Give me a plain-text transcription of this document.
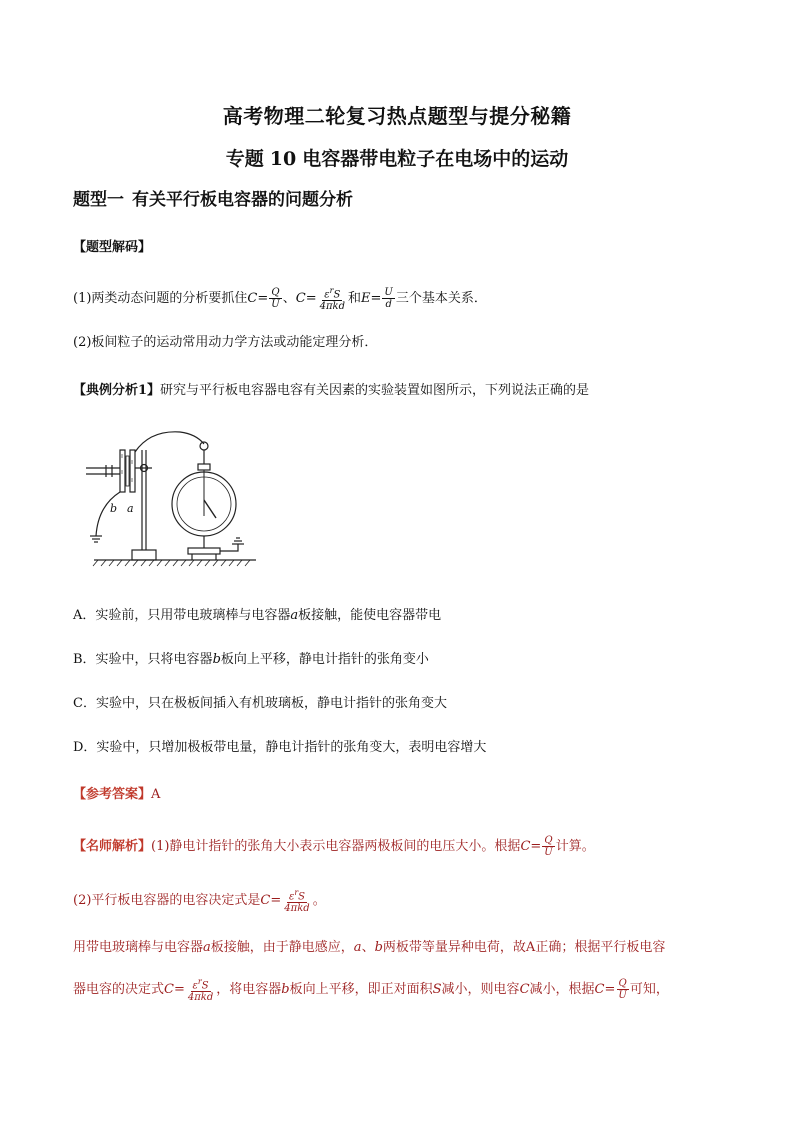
高考物理二轮复习热点题型与提分秘籍
专题 10 电容器带电粒子在电场中的运动
题型一 有关平行板电容器的问题分析
【题型解码】
(1)两类动态问题的分析要抓住$C= \frac{Q}{U}$ 、$C= \frac{\varepsilon^rS}{\text{4πkd}}$ 和$E= \frac{U}{d}$ 三个基本关系．
(2)板间粒子的运动常用动力学方法或动能定理分析．
【典例分析1】研究与平行板电容器电容有关因素的实验装置如图所示，下列说法正确的是
b a
A．实验前，只用带电玻璃棒与电容器a板接触，能使电容器带电
B．实验中，只将电容器b板向上平移，静电计指针的张角变小
C．实验中，只在极板间插入有机玻璃板，静电计指针的张角变大
D．实验中，只增加极板带电量，静电计指针的张角变大，表明电容增大
【参考答案】A
【名师解析】(1)静电计指针的张角大小表示电容器两极板间的电压大小。根据$C= \frac{Q}{U}$ 计算。
(2)平行板电容器的电容决定式是$C= \frac{\varepsilon^rS}{\text{4πkd}}$ 。
用带电玻璃棒与电容器a板接触，由于静电感应，a、b两板带等量异种电荷，故A正确；根据平行板电容
器电容的决定式$C= \frac{\varepsilon^rS}{\text{4πkd}}$ ，将电容器b板向上平移，即正对面积S减小，则电容C减小，根据$C= \frac{Q}{U}$ 可知，
